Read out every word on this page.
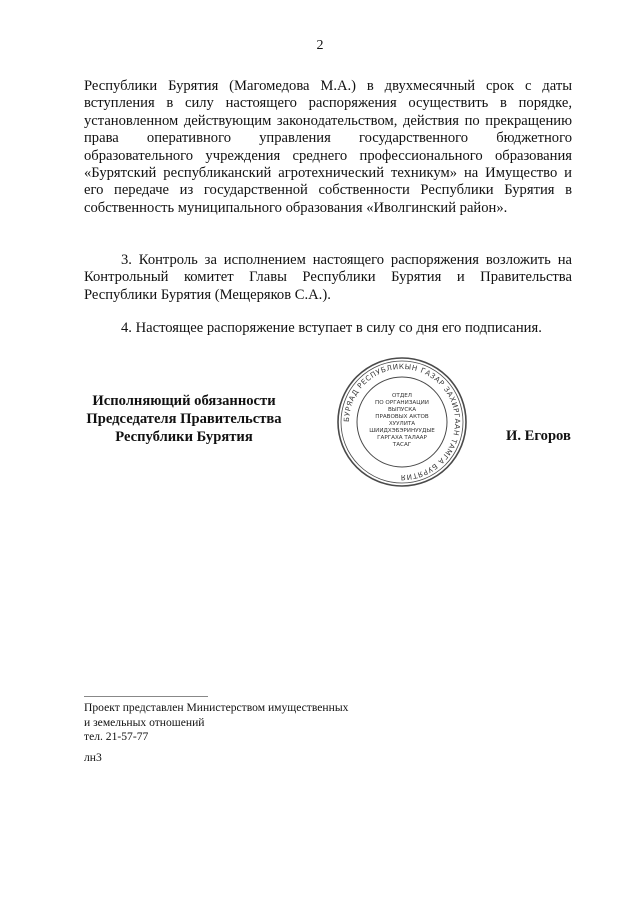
2
Республики Бурятия (Магомедова М.А.) в двухмесячный срок с даты вступления в силу настоящего распоряжения осуществить в порядке, установленном действующим законодательством, действия по прекращению права оперативного управления государственного бюджетного образовательного учреждения среднего профессионального образования «Бурятский республиканский агротехнический техникум» на Имущество и его передаче из государственной собственности Республики Бурятия в собственность муниципального образования «Иволгинский район».
3. Контроль за исполнением настоящего распоряжения возложить на Контрольный комитет Главы Республики Бурятия и Правительства Республики Бурятия (Мещеряков С.А.).
4. Настоящее распоряжение вступает в силу со дня его подписания.
Исполняющий обязанности
Председателя Правительства
Республики Бурятия
БУРЯАД РЕСПУБЛИКЫН ГАЗАР ЗАХИРГААН ТАМГА БУРЯТИЯ
ОТДЕЛ
ПО ОРГАНИЗАЦИИ
ВЫПУСКА
ПРАВОВЫХ АКТОВ
ХУУЛИТА
ШИИДХЭБЭРИНУУДЫЕ
ГАРГАХА ТАЛААР
ТАСАГ
И. Егоров
Проект представлен Министерством имущественных
и земельных отношений
тел. 21-57-77
лн3
